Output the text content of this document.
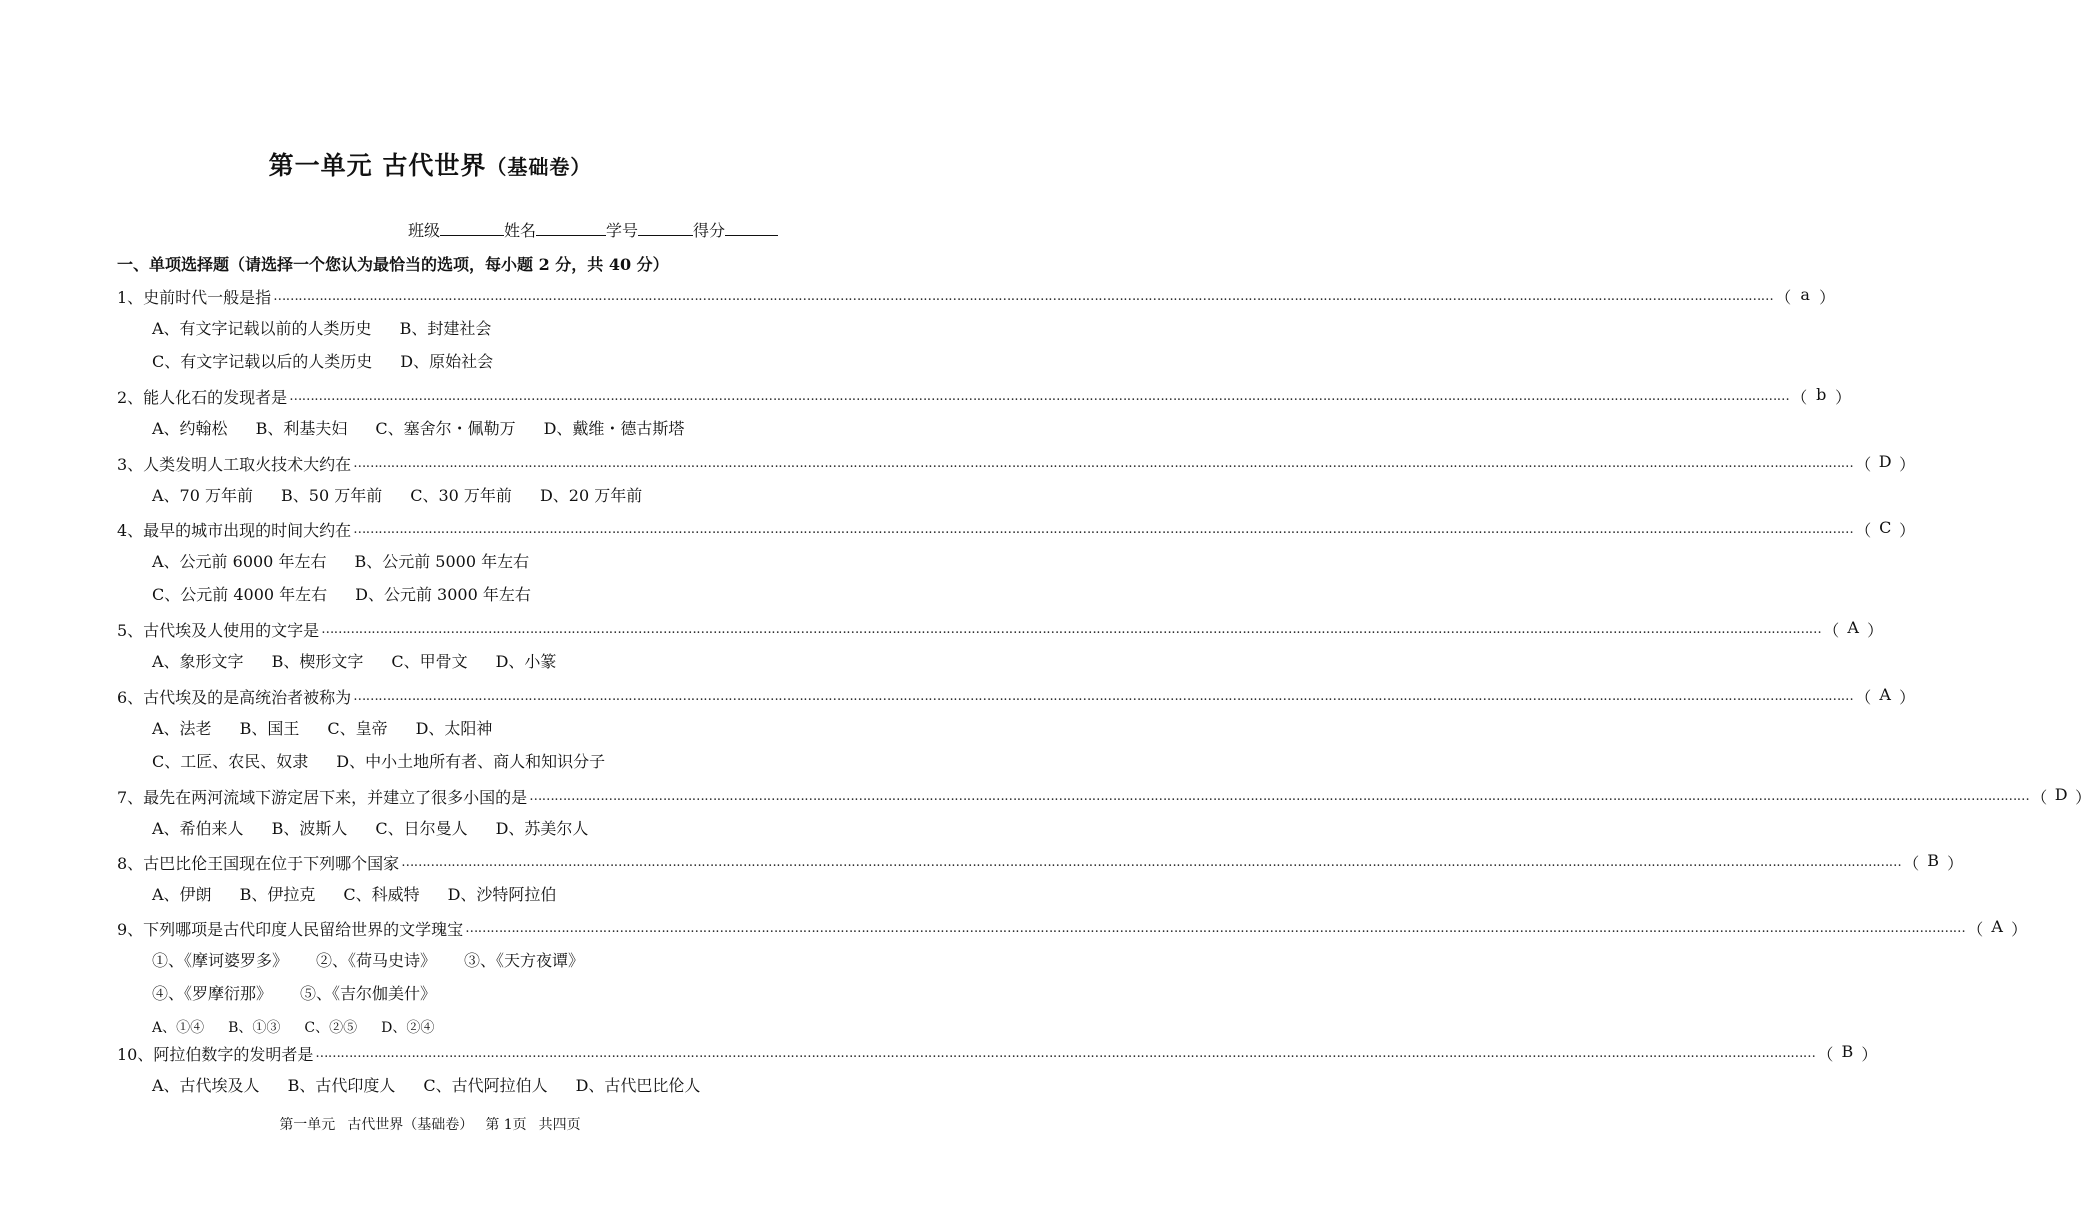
第一单元 古代世界（基础卷）
班级	姓名	学号	得分
一、单项选择题（请选择一个您认为最恰当的选项，每小题 2 分，共 40 分）
1、史前时代一般是指 ……………………………………………………………………………………………………………………………………………………………………………………………………………………………………………………………………………………………………………………………… （ a ）
A、有文字记载以前的人类历史 B、封建社会
C、有文字记载以后的人类历史 D、原始社会
2、能人化石的发现者是 ……………………………………………………………………………………………………………………………………………………………………………………………………………………………………………………………………………………………………………………………… （ b ）
A、约翰松 B、利基夫妇 C、塞舍尔・佩勒万 D、戴维・德古斯塔
3、人类发明人工取火技术大约在 ……………………………………………………………………………………………………………………………………………………………………………………………………………………………………………………………………………………………………………………………… （ D ）
A、70 万年前 B、50 万年前 C、30 万年前 D、20 万年前
4、最早的城市出现的时间大约在 ……………………………………………………………………………………………………………………………………………………………………………………………………………………………………………………………………………………………………………………………… （ C ）
A、公元前 6000 年左右 B、公元前 5000 年左右
C、公元前 4000 年左右 D、公元前 3000 年左右
5、古代埃及人使用的文字是 ……………………………………………………………………………………………………………………………………………………………………………………………………………………………………………………………………………………………………………………………… （ A ）
A、象形文字 B、楔形文字 C、甲骨文 D、小篆
6、古代埃及的是高统治者被称为 ……………………………………………………………………………………………………………………………………………………………………………………………………………………………………………………………………………………………………………………………… （ A ）
A、法老 B、国王 C、皇帝 D、太阳神
C、工匠、农民、奴隶 D、中小土地所有者、商人和知识分子
7、最先在两河流域下游定居下来，并建立了很多小国的是 ……………………………………………………………………………………………………………………………………………………………………………………………………………………………………………………………………………………………………………………………… （ D ）
A、希伯来人 B、波斯人 C、日尔曼人 D、苏美尔人
8、古巴比伦王国现在位于下列哪个国家 ……………………………………………………………………………………………………………………………………………………………………………………………………………………………………………………………………………………………………………………………… （ B ）
A、伊朗 B、伊拉克 C、科威特 D、沙特阿拉伯
9、下列哪项是古代印度人民留给世界的文学瑰宝 ……………………………………………………………………………………………………………………………………………………………………………………………………………………………………………………………………………………………………………………………… （ A ）
①、《摩诃婆罗多》 ②、《荷马史诗》 ③、《天方夜谭》
④、《罗摩衍那》 ⑤、《吉尔伽美什》
A、①④ B、①③ C、②⑤ D、②④
10、阿拉伯数字的发明者是 ……………………………………………………………………………………………………………………………………………………………………………………………………………………………………………………………………………………………………………………………… （ B ）
A、古代埃及人 B、古代印度人 C、古代阿拉伯人 D、古代巴比伦人
第一单元 古代世界（基础卷） 第 1页 共四页
